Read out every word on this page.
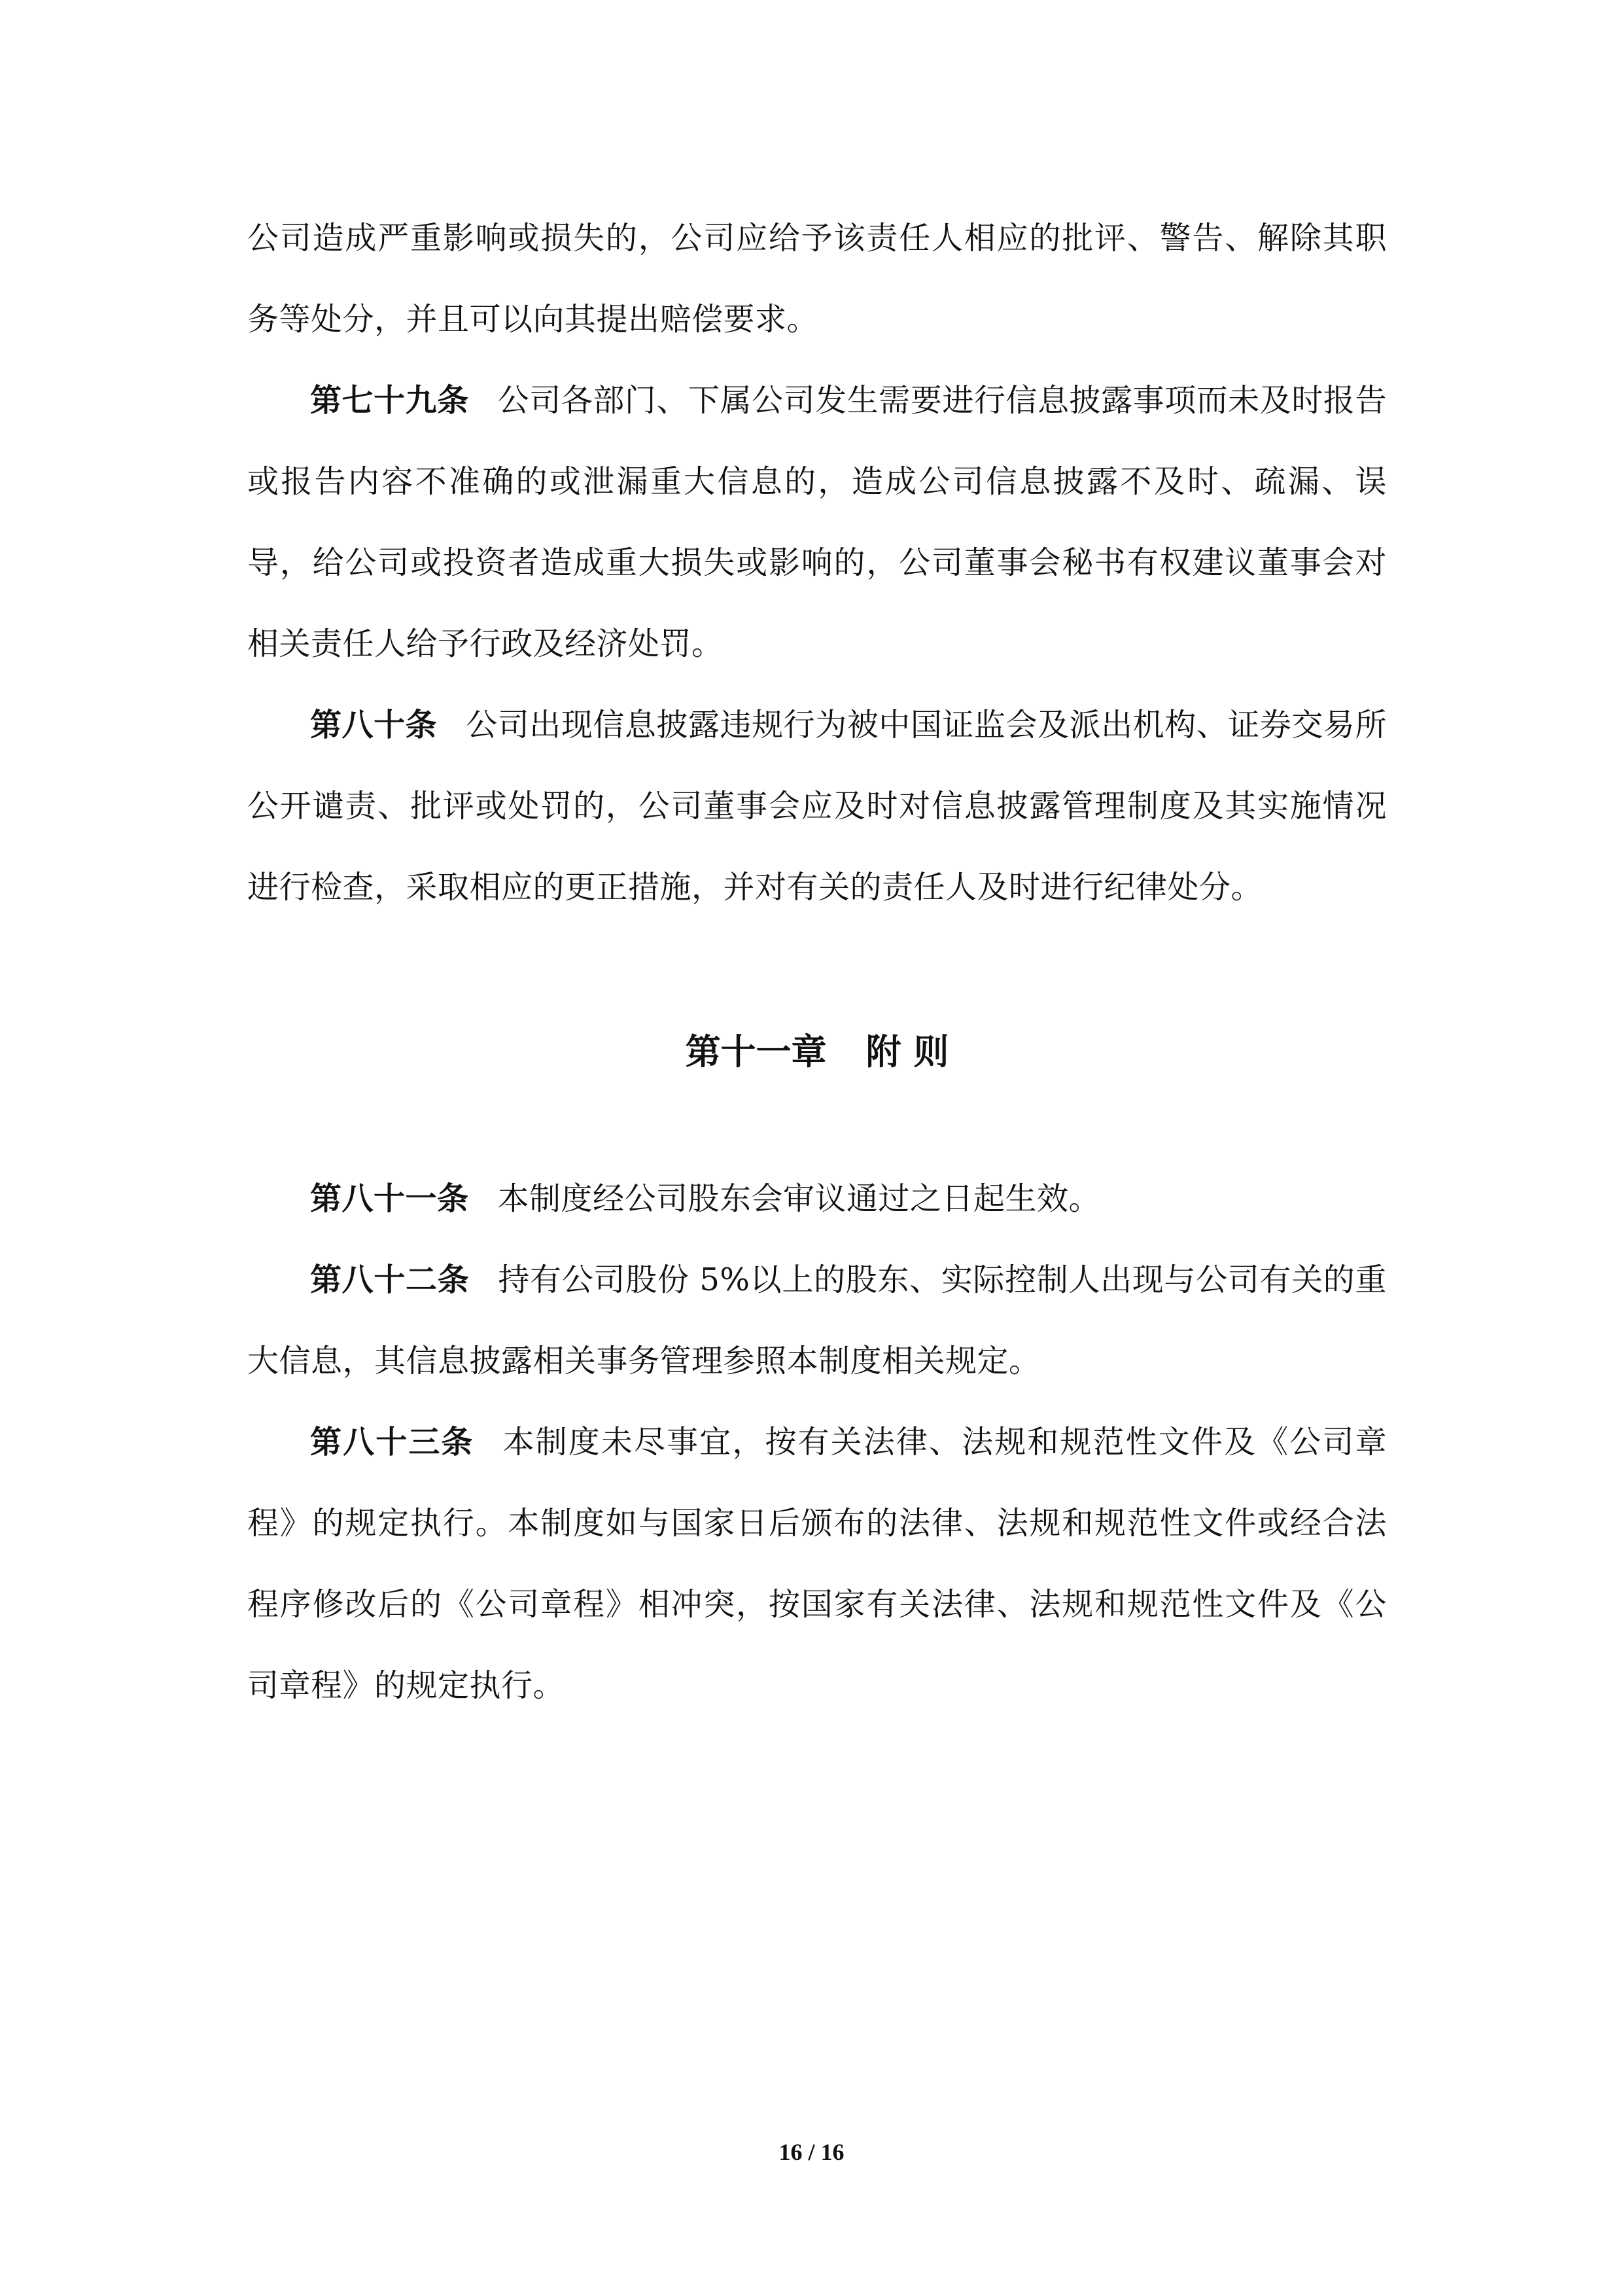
公司造成严重影响或损失的，公司应给予该责任人相应的批评、警告、解除其职务等处分，并且可以向其提出赔偿要求。

第七十九条 公司各部门、下属公司发生需要进行信息披露事项而未及时报告或报告内容不准确的或泄漏重大信息的，造成公司信息披露不及时、疏漏、误导，给公司或投资者造成重大损失或影响的，公司董事会秘书有权建议董事会对相关责任人给予行政及经济处罚。

第八十条 公司出现信息披露违规行为被中国证监会及派出机构、证券交易所公开谴责、批评或处罚的，公司董事会应及时对信息披露管理制度及其实施情况进行检查，采取相应的更正措施，并对有关的责任人及时进行纪律处分。

第十一章 附 则

第八十一条 本制度经公司股东会审议通过之日起生效。

第八十二条 持有公司股份 5%以上的股东、实际控制人出现与公司有关的重大信息，其信息披露相关事务管理参照本制度相关规定。

第八十三条 本制度未尽事宜，按有关法律、法规和规范性文件及《公司章程》的规定执行。本制度如与国家日后颁布的法律、法规和规范性文件或经合法程序修改后的《公司章程》相冲突，按国家有关法律、法规和规范性文件及《公司章程》的规定执行。

16 / 16
